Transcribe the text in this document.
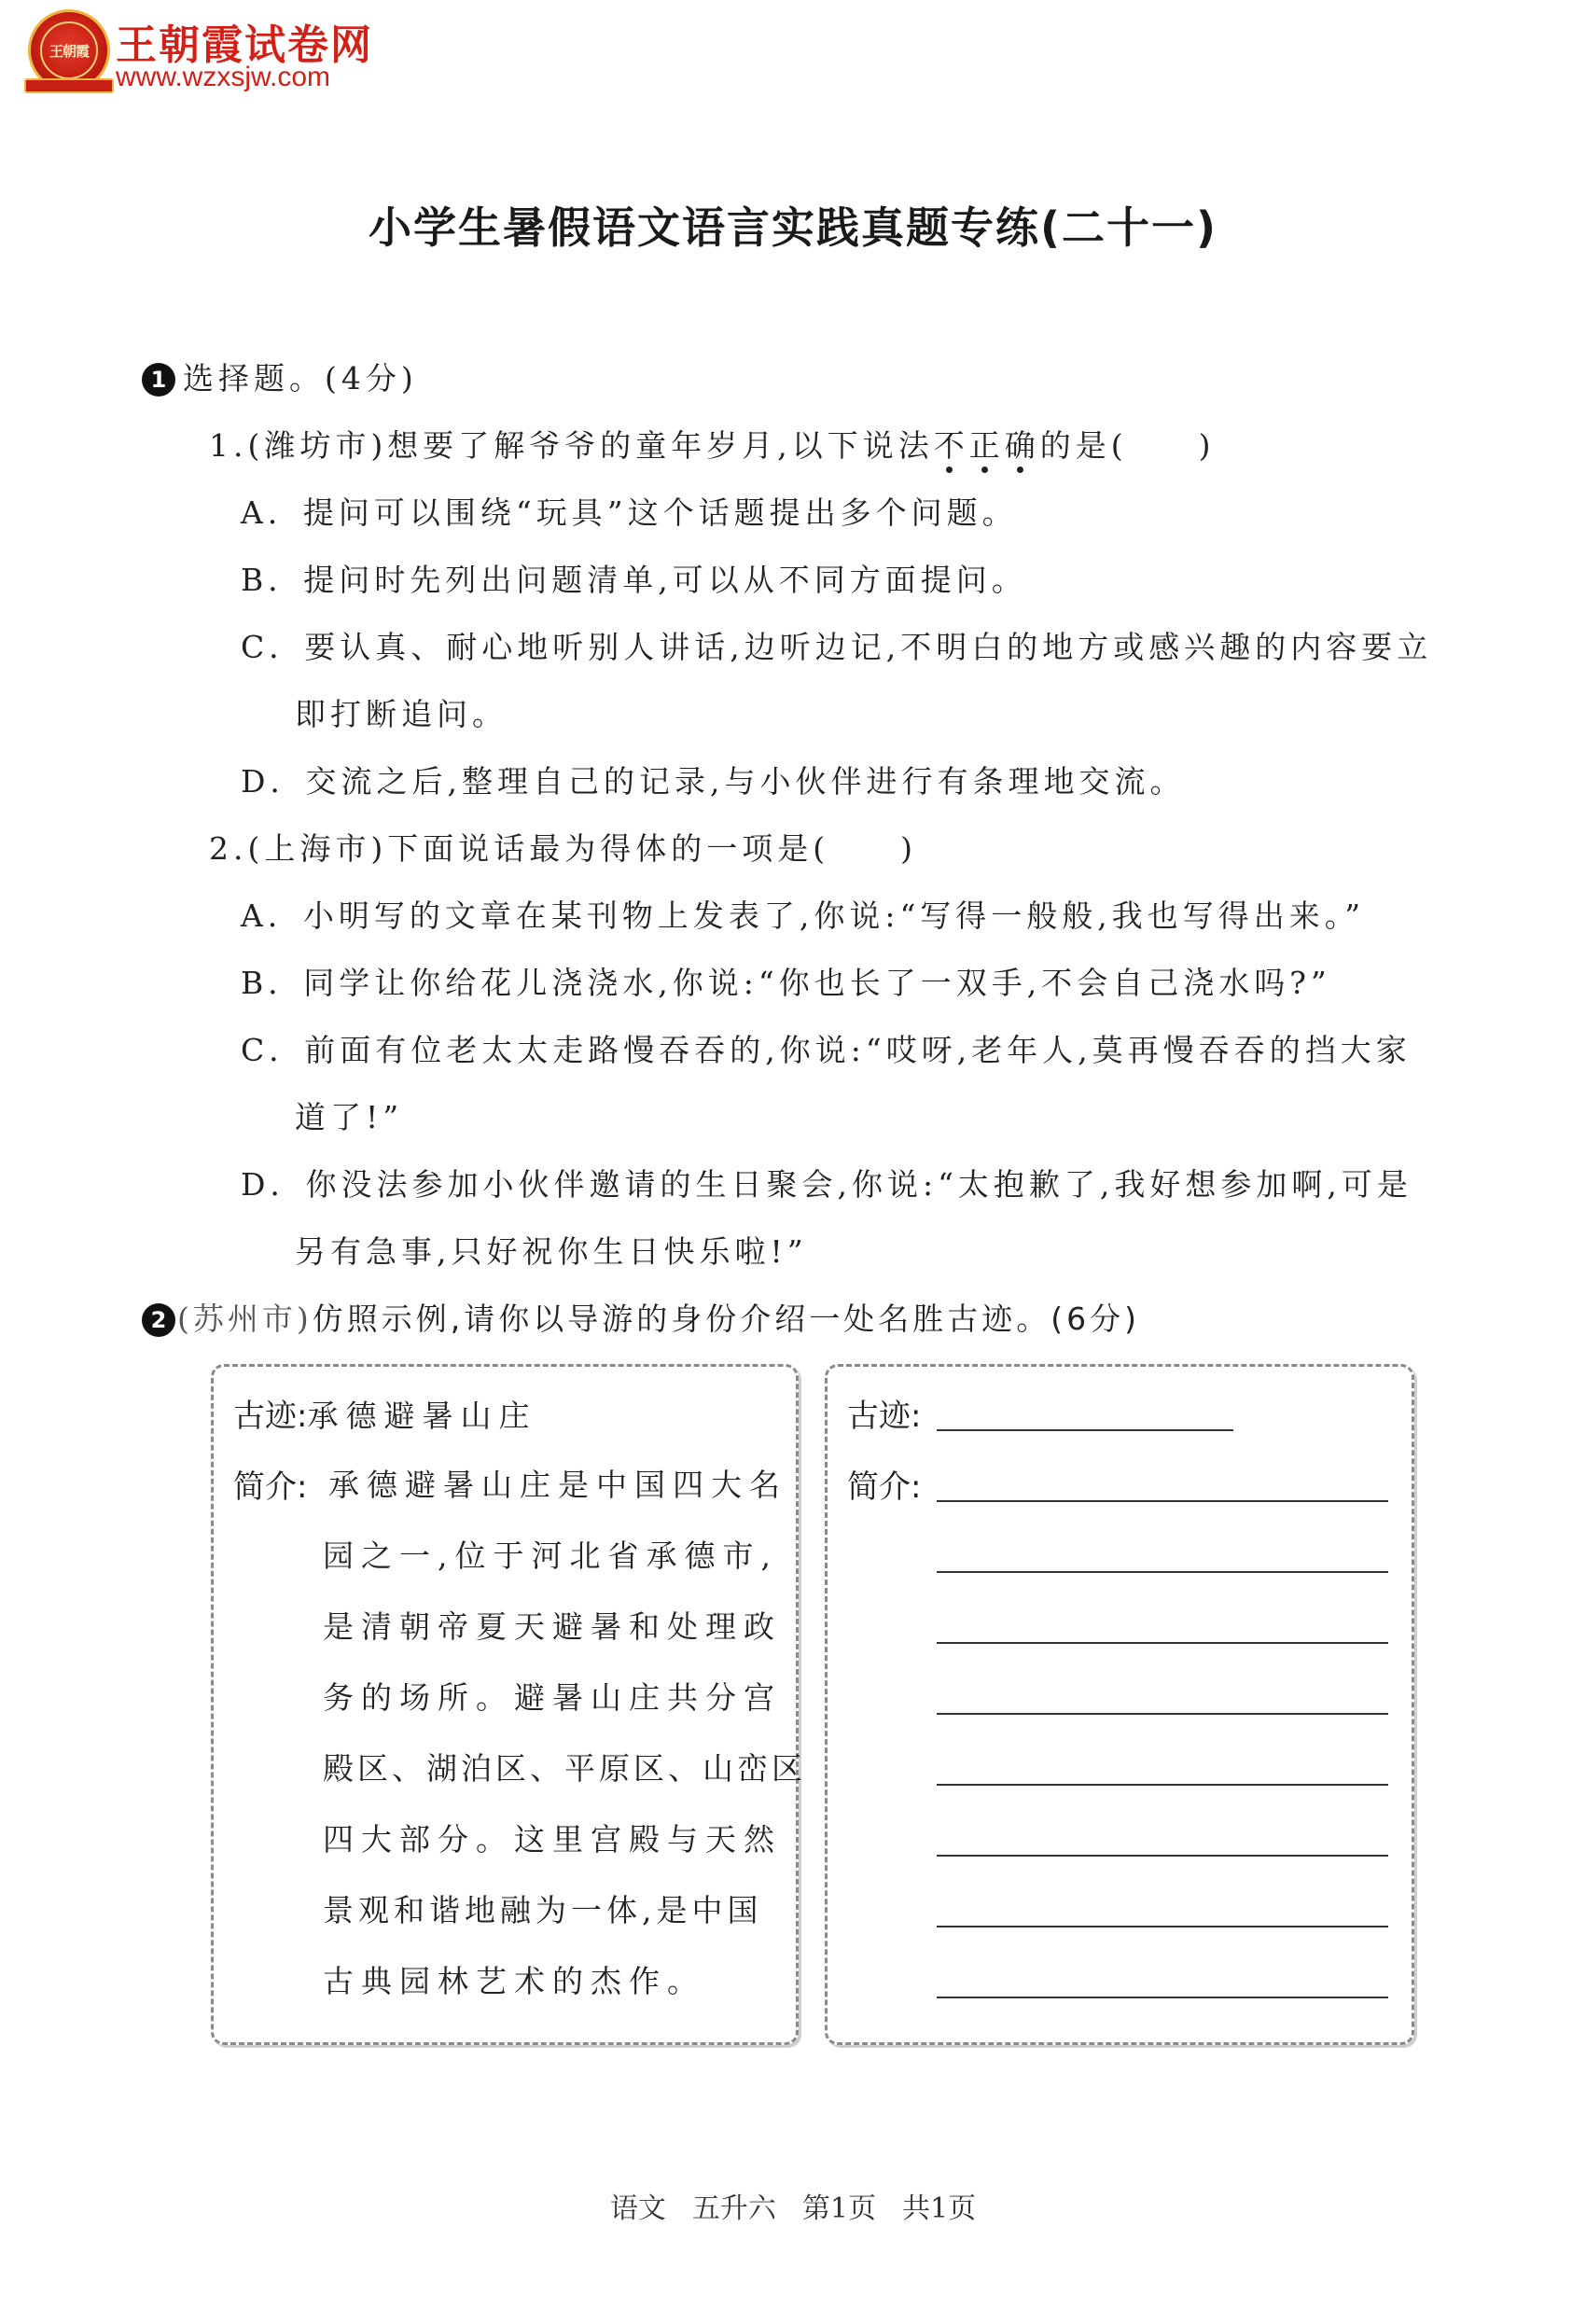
王朝霞 王朝霞试卷网
www.wzxsjw.com
小学生暑假语文语言实践真题专练(二十一)
1 选择题。(4分)
1.(潍坊市)想要了解爷爷的童年岁月,以下说法不正确的是(　　)
A．提问可以围绕“玩具”这个话题提出多个问题。
B．提问时先列出问题清单,可以从不同方面提问。
C．要认真、耐心地听别人讲话,边听边记,不明白的地方或感兴趣的内容要立
即打断追问。
D．交流之后,整理自己的记录,与小伙伴进行有条理地交流。
2.(上海市)下面说话最为得体的一项是(　　)
A．小明写的文章在某刊物上发表了,你说:“写得一般般,我也写得出来。”
B．同学让你给花儿浇浇水,你说:“你也长了一双手,不会自己浇水吗?”
C．前面有位老太太走路慢吞吞的,你说:“哎呀,老年人,莫再慢吞吞的挡大家
道了!”
D．你没法参加小伙伴邀请的生日聚会,你说:“太抱歉了,我好想参加啊,可是
另有急事,只好祝你生日快乐啦!”
2 (苏州市)仿照示例,请你以导游的身份介绍一处名胜古迹。(6分)
古迹:承德避暑山庄
简介: 承德避暑山庄是中国四大名
园之一,位于河北省承德市,
是清朝帝夏天避暑和处理政
务的场所。避暑山庄共分宫
殿区、湖泊区、平原区、山峦区
四大部分。这里宫殿与天然
景观和谐地融为一体,是中国
古典园林艺术的杰作。
古迹:
简介:
语文 五升六 第1页 共1页
